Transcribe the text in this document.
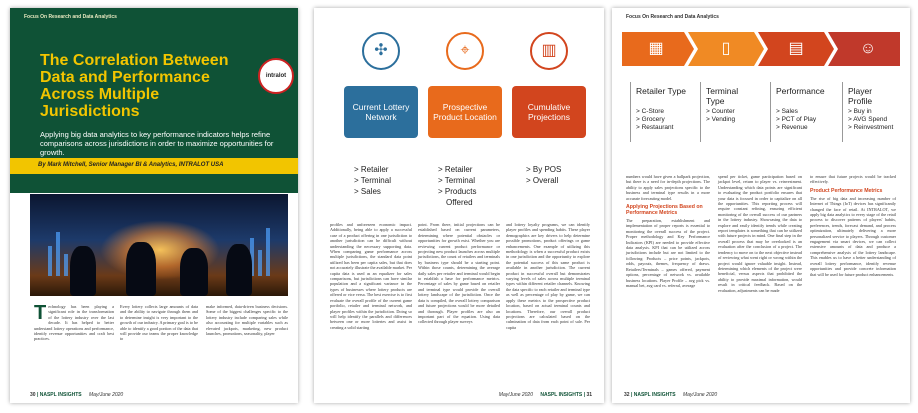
Focus On Research and Data Analytics
The Correlation Between Data and Performance Across Multiple Jurisdictions
intralot
Applying big data analytics to key performance indicators helps refine comparisons across jurisdictions in order to maximize opportunities for growth.
By Mark Mitchell, Senior Manager BI & Analytics, INTRALOT USA
T echnology has been playing a significant role in the transformation of the lottery industry over the last decade. It has helped to better understand lottery operations and performance, identify revenue opportunities and craft best practices.
Every lottery collects large amounts of data and the ability to navigate through them and to determine insight is very important to the growth of our industry. A primary goal is to be able to identify a good portion of the data that will provide our teams the proper knowledge to
make informed, data-driven business decisions. Some of the biggest challenges specific to the lottery industry include comparing sales while also accounting for multiple variables such as elevated jackpots, marketing, new product launches, promotions, seasonality, player
30 | NASPL INSIGHTS May/June 2020
Current Lottery Network
✣
> Retailer
> Terminal
> Sales
Prospective Product Location
⌖
> Retailer
> Terminal
> Products
Offered
Cumulative Projections
▥
> By POS
> Overall
profiles and unforeseen economic impact. Additionally, being able to apply a successful case of a product offering in one jurisdiction to another jurisdiction can be difficult without understanding the necessary supporting data. When comparing game performance across multiple jurisdictions, the standard data point utilized has been per capita sales, but that does not accurately illustrate the available market. Per capita data is used as an equalizer for sales comparisons, but jurisdictions can have similar population and a significant variance in the types of businesses where lottery products are offered or vice versa. The best exercise is to first evaluate the overall profile of the current game portfolio, retailer and terminal network, and player profiles within the jurisdiction. Doing so will help identify the parallels and differences between one or more lotteries and assist in creating a solid starting
point. From there, initial projections can be established based on current parameters, determining where potential obstacles or opportunities for growth exist. Whether you are reviewing current product performance or projecting new product launches across multiple jurisdictions, the count of retailers and terminals by business type should be a starting point. Within those counts, determining the average daily sales per retailer and terminal would begin to establish a base for performance metrics. Percentage of sales by game based on retailer and terminal type would provide the overall lottery landscape of the jurisdiction. Once the data is compiled, the overall lottery comparison and future projections would be more detailed and thorough. Player profiles are also an important part of the equation. Using data collected through player surveys
and lottery loyalty programs, we can identify player profiles and spending habits. These player demographics are key drivers to help determine possible promotions, product offerings or game enhancements. One example of utilizing this methodology is when a successful product exists in one jurisdiction and the opportunity to explore the potential success of this same product is available in another jurisdiction. The current product in successful overall but demonstrates varying levels of sales across multiple terminal types within different retailer channels. Knowing the data specific to each retailer and terminal type as well as percentage of play by game, we can apply these metrics to the prospective product location, based on actual terminal counts and locations. Therefore, our overall product projections are calculated based on the culmination of data from each point of sale. Per capita
May/June 2020 NASPL INSIGHTS | 31
Focus On Research and Data Analytics
▦	▯	▤	☺
Retailer Type
> C-Store
> Grocery
> Restaurant
Terminal Type
> Counter
> Vending
Performance
> Sales
> PCT of Play
> Revenue
Player Profile
> Buy in
> AVG Spend
> Reinvestment
numbers would have given a ballpark projection, but there is a need for in-depth projections. The ability to apply sales projections specific to the business and terminal type results in a more accurate forecasting model.
Applying Projections Based on Performance Metrics
The preparation, establishment and implementation of proper reports is essential to monitoring the overall success of the project. Proper methodology and Key Performance Indicators (KPI) are needed to provide effective data analysis. KPI that can be utilized across jurisdictions include but are not limited to the following: Products – price points, jackpots, odds, payouts, themes, frequency of draws. Retailers/Terminals – games offered, payment options, percentage of network vs. available business locations. Player Profile – avg pick vs. manual bet, avg card vs. referral, average
spend per ticket, game participation based on jackpot level, return to player vs. reinvestment. Understanding which data points are significant to evaluating the product portfolio ensures that your data is focused in order to capitalize on all the opportunities. This reporting process will require constant refining, ensuring efficient monitoring of the overall success of our partners in the lottery industry. Showcasing the data to explore and easily identify trends while creating report templates is something that can be utilized with future projects in mind. One final step in the overall process that may be overlooked is an evaluation after the conclusion of a project. The tendency to move on to the next objective instead of reviewing what went right or wrong within the project would ignore valuable insight. Instead, determining which elements of the project were beneficial, versus aspects that prohibited the ability to provide maximal information, would result in critical feedback. Based on the evaluation, adjustments can be made
to ensure that future projects would be tracked effectively.
Product Performance Metrics
The rise of big data and increasing number of Internet of Things (IoT) devices has significantly changed the face of retail. At INTRALOT, we apply big data analytics to every stage of the retail process to discover patterns of players' habits, preferences, trends, forecast demand, and process optimization, ultimately delivering a more personalized service to players. Through customer engagement via smart devices, we can collect extensive amounts of data and produce a comprehensive analysis of the lottery landscape. This enables us to have a better understanding of overall lottery performance, identify revenue opportunities and provide concrete information that will be used for future product enhancements.
32 | NASPL INSIGHTS May/June 2020
